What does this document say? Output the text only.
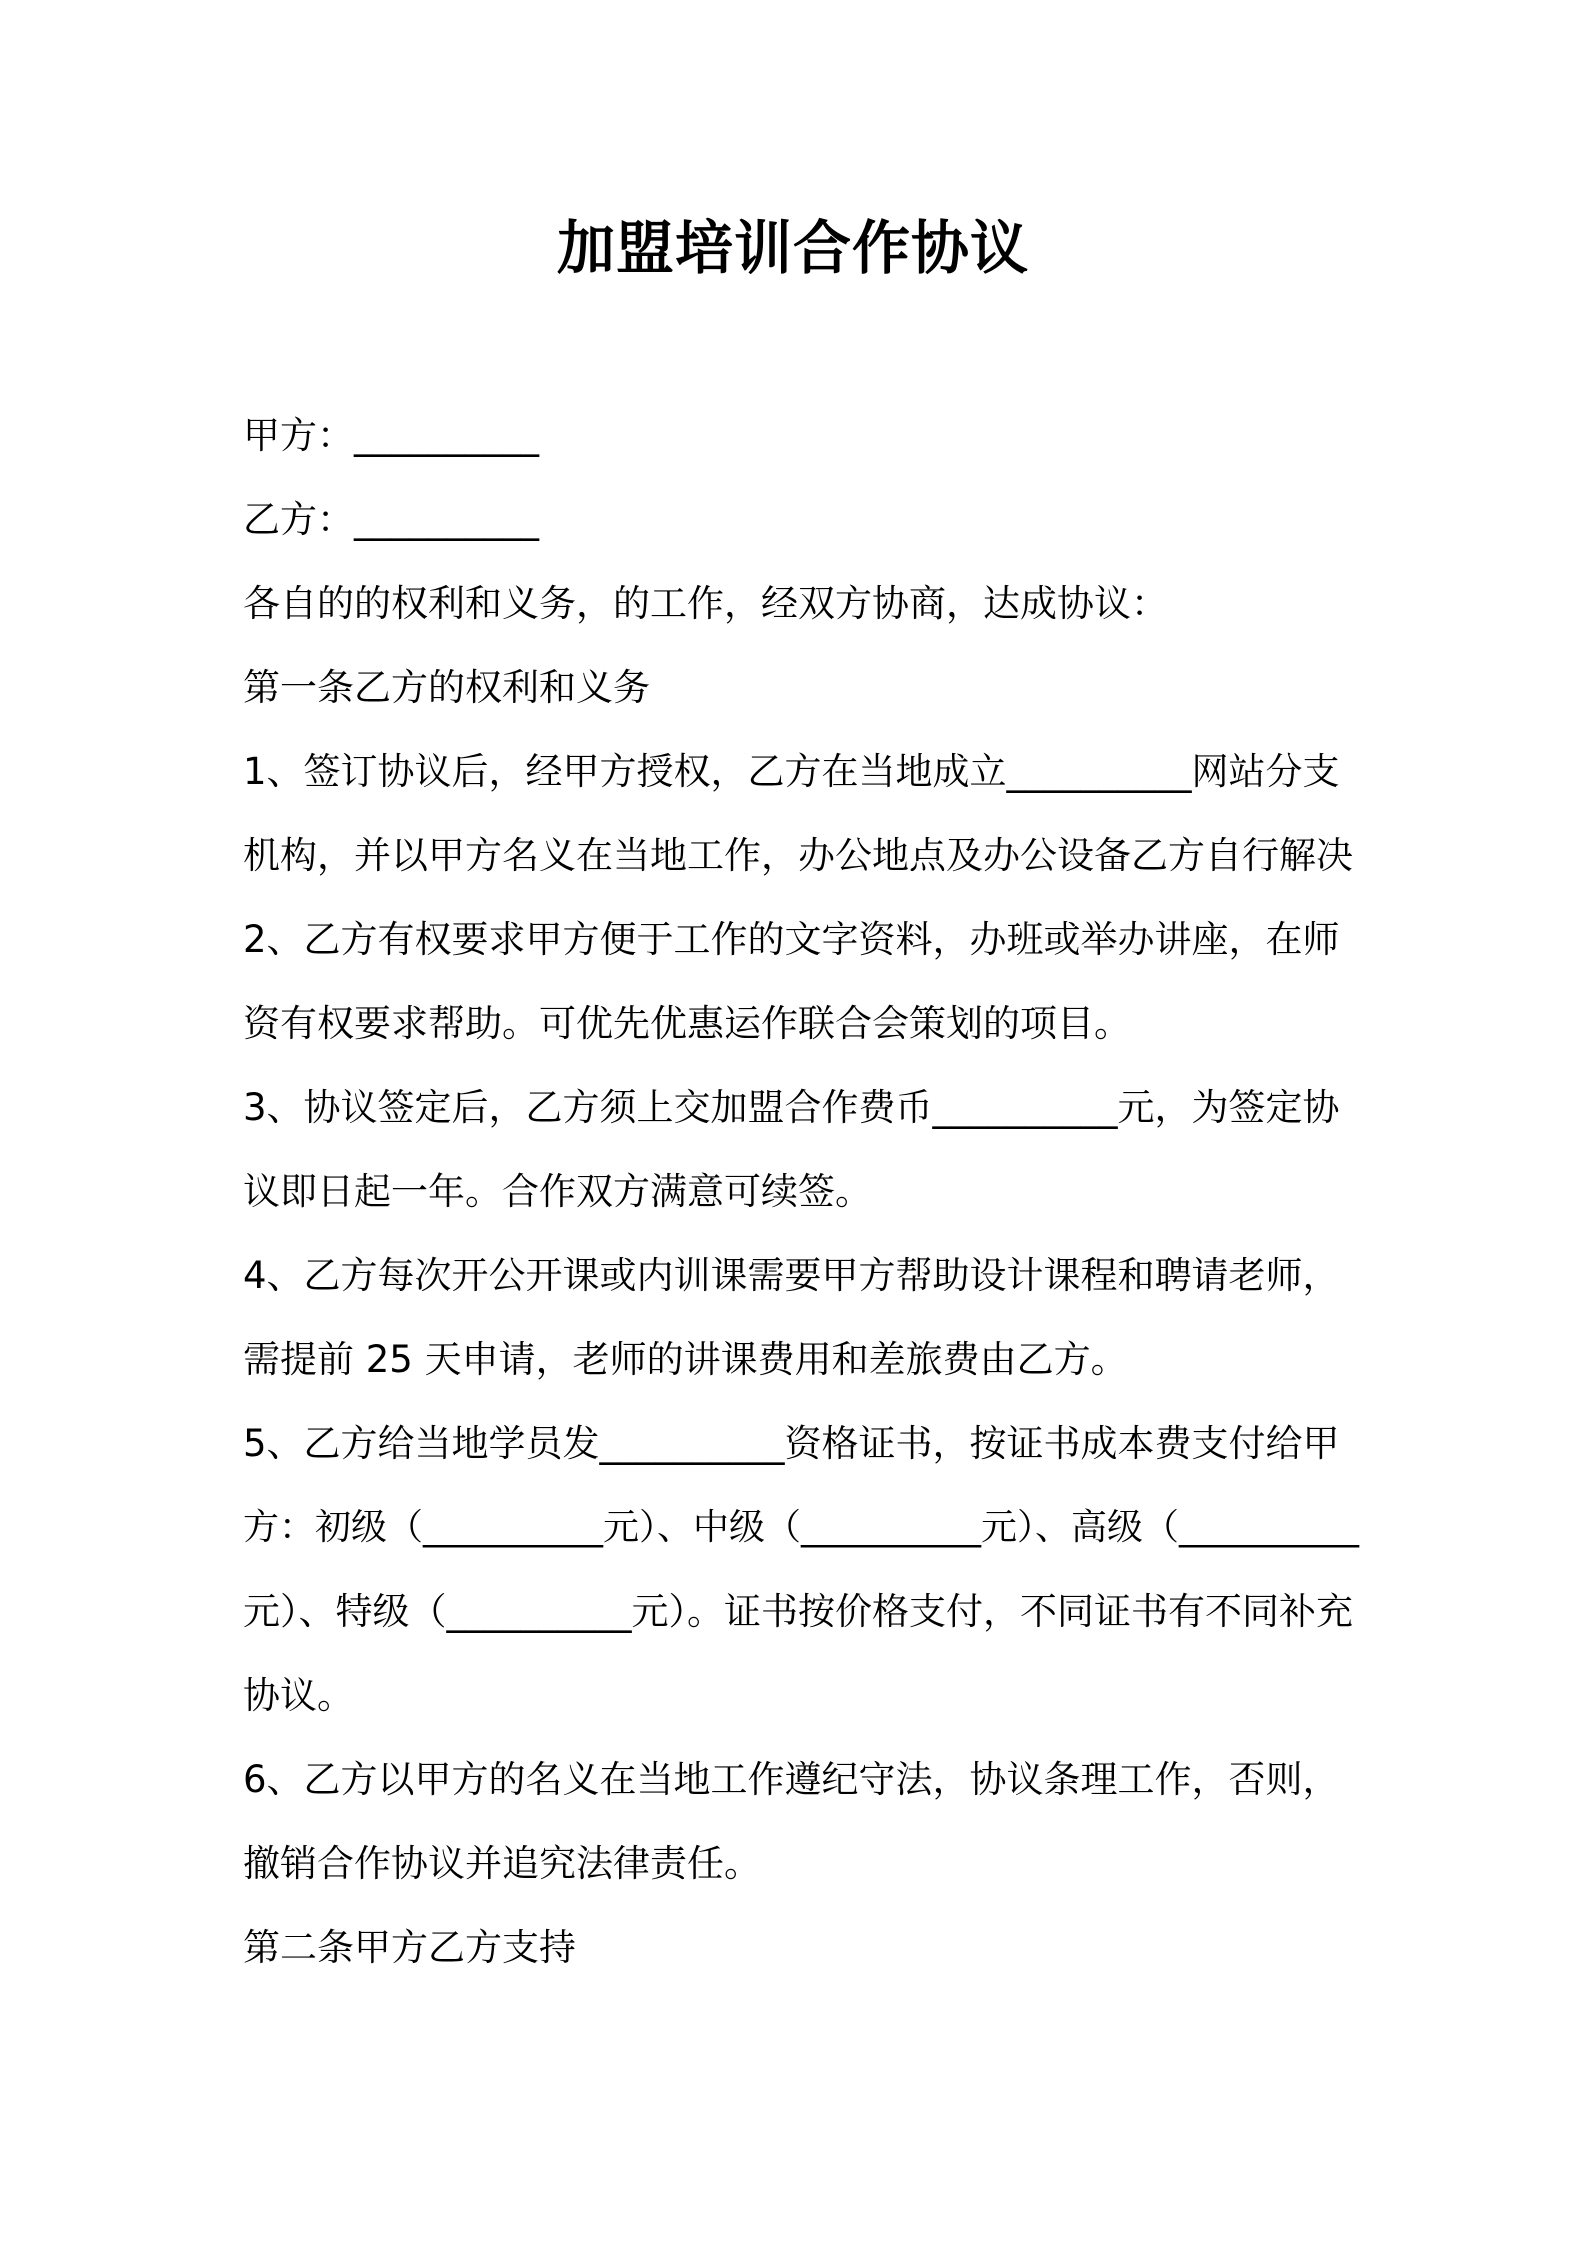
加盟培训合作协议
甲方：__________
乙方：__________
各自的的权利和义务，的工作，经双方协商，达成协议：
第一条乙方的权利和义务
1、签订协议后，经甲方授权，乙方在当地成立__________网站分支
机构，并以甲方名义在当地工作，办公地点及办公设备乙方自行解决
2、乙方有权要求甲方便于工作的文字资料，办班或举办讲座，在师
资有权要求帮助。可优先优惠运作联合会策划的项目。
3、协议签定后，乙方须上交加盟合作费币__________元，为签定协
议即日起一年。合作双方满意可续签。
4、乙方每次开公开课或内训课需要甲方帮助设计课程和聘请老师，
需提前 25 天申请，老师的讲课费用和差旅费由乙方。
5、乙方给当地学员发__________资格证书，按证书成本费支付给甲
方：初级（__________元）、中级（__________元）、高级（__________
元）、特级（__________元）。证书按价格支付，不同证书有不同补充
协议。
6、乙方以甲方的名义在当地工作遵纪守法，协议条理工作，否则，
撤销合作协议并追究法律责任。
第二条甲方乙方支持
